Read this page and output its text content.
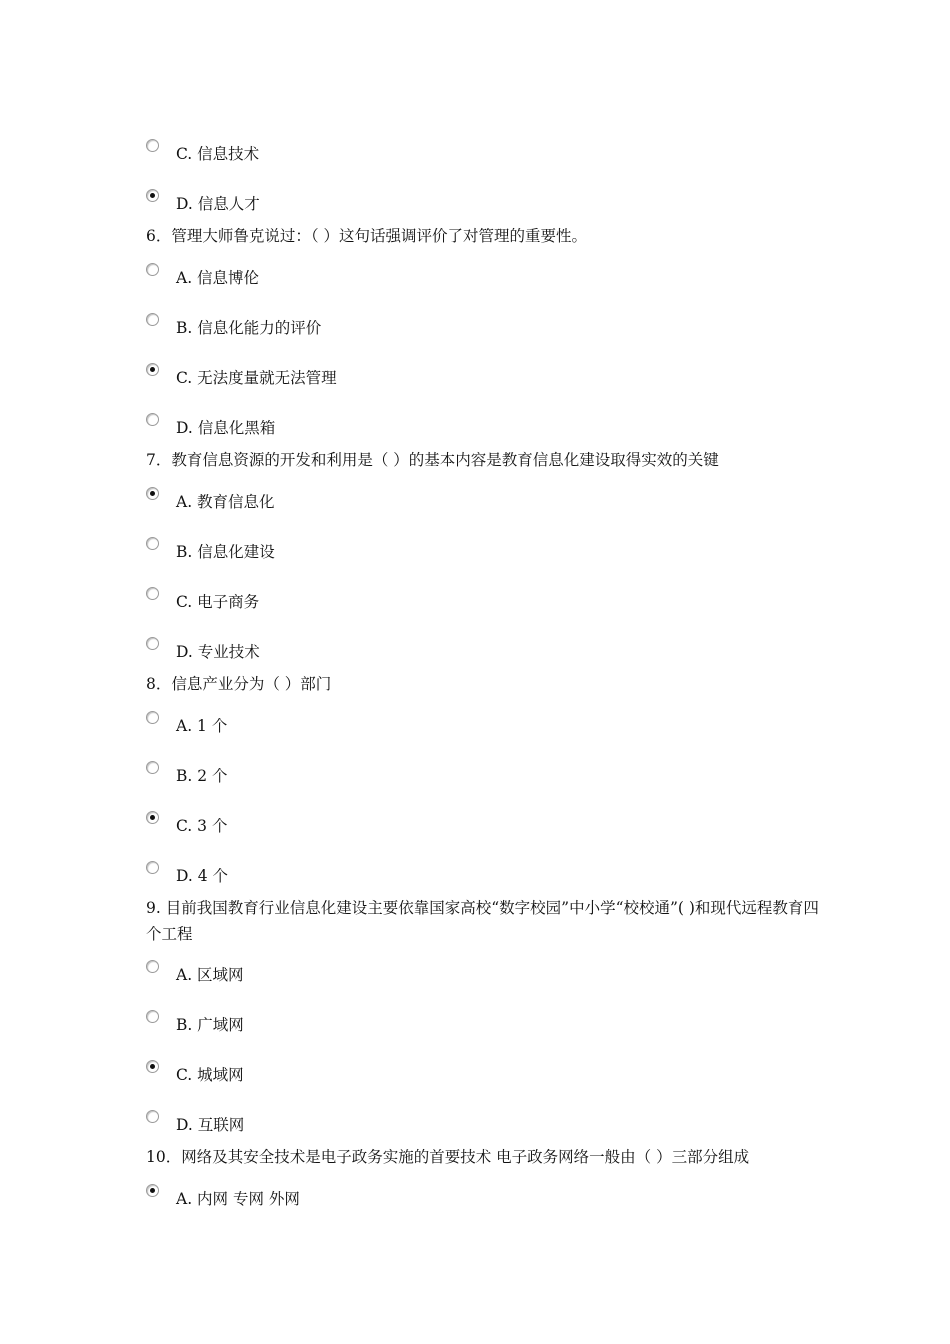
C. 信息技术
D. 信息人才
6．管理大师鲁克说过：（ ）这句话强调评价了对管理的重要性。
A. 信息博伦
B. 信息化能力的评价
C. 无法度量就无法管理
D. 信息化黑箱
7．教育信息资源的开发和利用是（ ）的基本内容是教育信息化建设取得实效的关键
A. 教育信息化
B. 信息化建设
C. 电子商务
D. 专业技术
8．信息产业分为（ ）部门
A. 1 个
B. 2 个
C. 3 个
D. 4 个
9. 目前我国教育行业信息化建设主要依靠国家高校“数字校园”中小学“校校通”( )和现代远程教育四个工程
A. 区域网
B. 广域网
C. 城域网
D. 互联网
10．网络及其安全技术是电子政务实施的首要技术 电子政务网络一般由（ ）三部分组成
A. 内网 专网 外网
